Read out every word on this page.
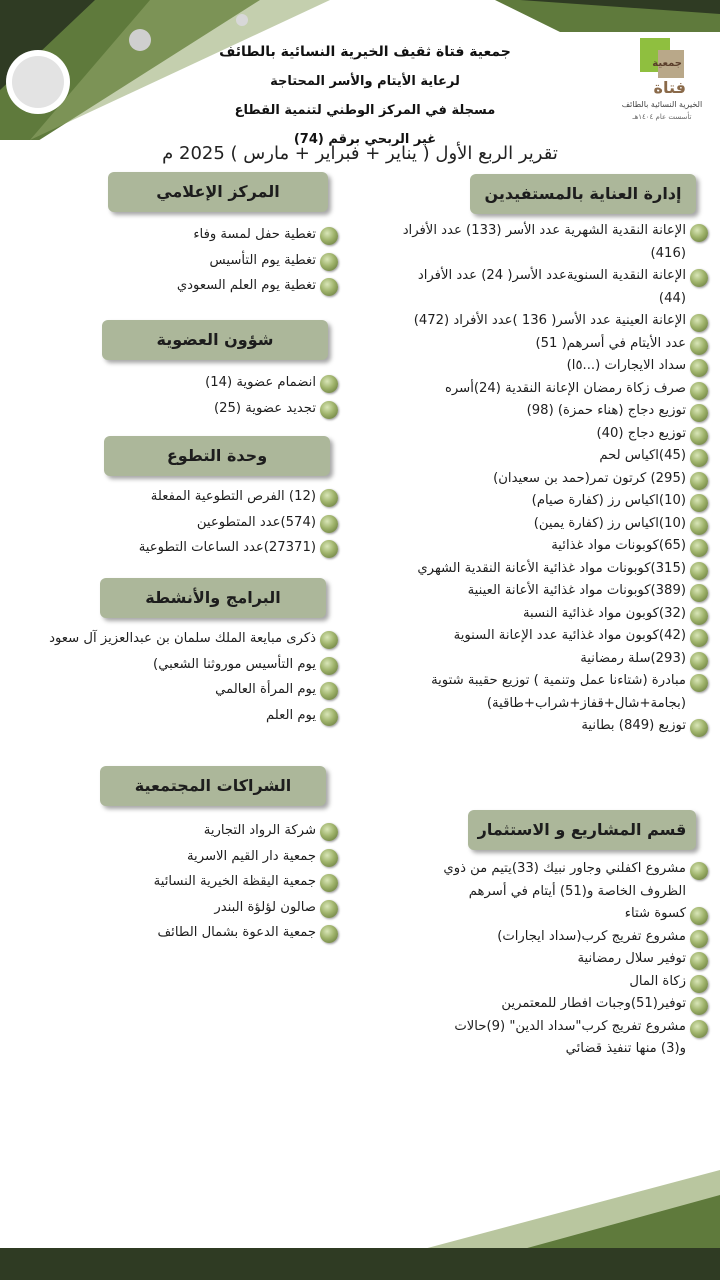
جمعية فتاة ثقيف الخيرية النسائية بالطائف
لرعاية الأيتام والأسر المحتاجة
مسجلة في المركز الوطني لتنمية القطاع
غير الربحي برقم (74)
جمعية
فتاة
الخيرية النسائية بالطائف
تأسست عام ١٤٠٤هـ
تقرير الربع الأول ( يناير + فبراير + مارس ) 2025 م
إدارة العناية بالمستفيدين
الإعانة النقدية الشهرية عدد الأسر (133) عدد الأفراد (416)
الإعانة النقدية السنويةعدد الأسر( 24) عدد الأفراد (44)
الإعانة العينية عدد الأسر( 136 )عدد الأفراد (472)
عدد الأيتام في أسرهم( 51)
سداد الايجارات (...٥ا)
صرف زكاة رمضان الإعانة النقدية (24)أسره
توزيع دجاج (هناء حمزة) (98)
توزيع دجاج (40)
(45)اكياس لحم
(295) كرتون تمر(حمد بن سعيدان)
(10)اكياس رز (كفارة صيام)
(10)اكياس رز (كفارة يمين)
(65)كوبونات مواد غذائية
(315)كوبونات مواد غذائية الأعانة النقدية الشهري
(389)كوبونات مواد غذائية الأعانة العينية
(32)كوبون مواد غذائية النسبة
(42)كوبون مواد غذائية عدد الإعانة السنوية
(293)سلة رمضانية
مبادرة (شتاءنا عمل وتنمية ) توزيع حقيبة شتوية (بجامة+شال+قفاز+شراب+طاقية)
توزيع (849) بطانية
قسم المشاريع و الاستثمار
مشروع اكفلني وجاور نبيك (33)يتيم من ذوي الظروف الخاصة و(51) أيتام في أسرهم
كسوة شتاء
مشروع تفريج كرب(سداد ايجارات)
توفير سلال رمضانية
زكاة المال
توفير(51)وجبات افطار للمعتمرين
مشروع تفريج كرب"سداد الدين" (9)حالات و(3) منها تنفيذ قضائي
المركز الإعلامي
تغطية حفل لمسة وفاء
تغطية يوم التأسيس
تغطية يوم العلم السعودي
شؤون العضوية
انضمام عضوية (14)
تجديد عضوية (25)
وحدة التطوع
(12) الفرص التطوعية المفعلة
(574)عدد المتطوعين
(27371)عدد الساعات التطوعية
البرامج والأنشطة
ذكرى مبايعة الملك سلمان بن عبدالعزيز آل سعود
يوم التأسيس موروثنا الشعبي)
يوم المرأة العالمي
يوم العلم
الشراكات المجتمعية
شركة الرواد التجارية
جمعية دار القيم الاسرية
جمعية اليقظة الخيرية النسائية
صالون لؤلؤة البندر
جمعية الدعوة بشمال الطائف
